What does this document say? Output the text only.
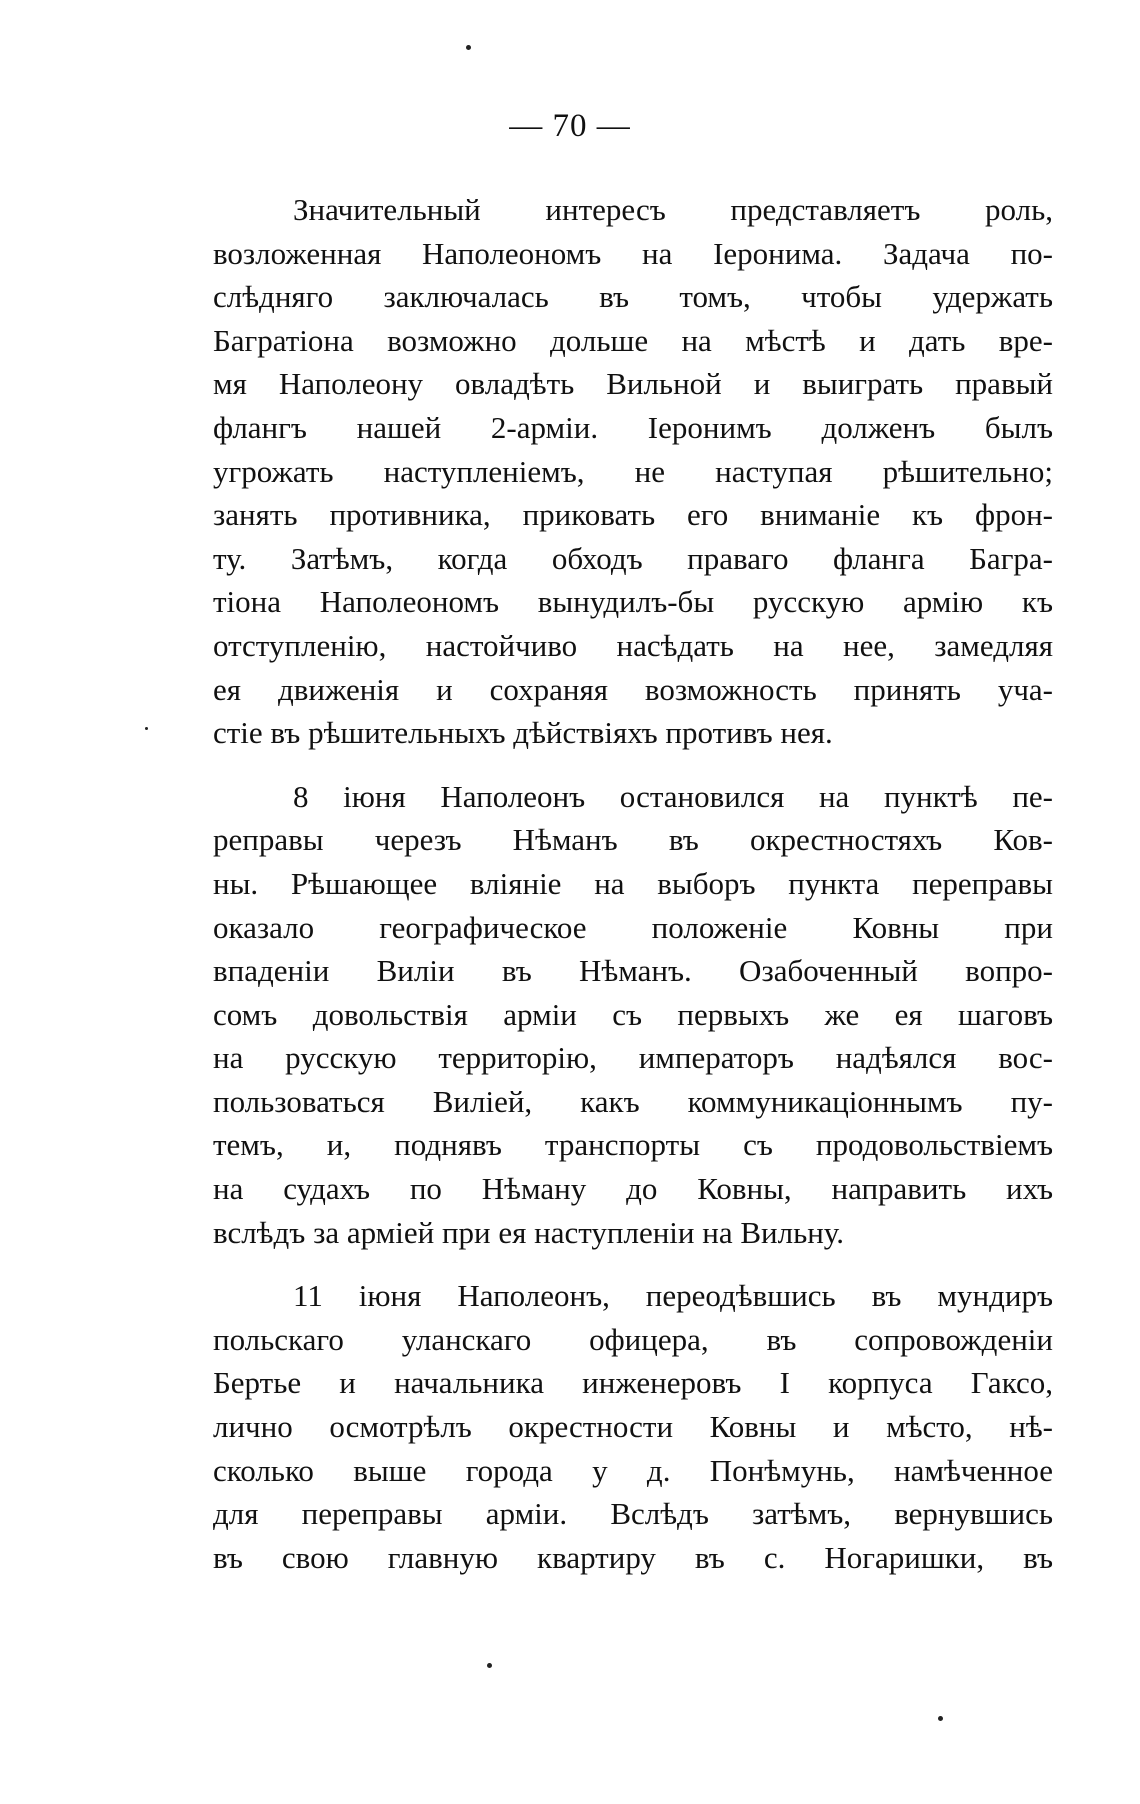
— 70 —

Значительный интересъ представляетъ роль,
возложенная Наполеономъ на Іеронима. Задача по-
слѣдняго заключалась въ томъ, чтобы удержать
Багратіона возможно дольше на мѣстѣ и дать вре-
мя Наполеону овладѣть Вильной и выиграть правый
флангъ нашей 2-арміи. Іеронимъ долженъ былъ
угрожать наступленіемъ, не наступая рѣшительно;
занять противника, приковать его вниманіе къ фрон-
ту. Затѣмъ, когда обходъ праваго фланга Багра-
тіона Наполеономъ вынудилъ-бы русскую армію къ
отступленію, настойчиво насѣдать на нее, замедляя
ея движенія и сохраняя возможность принять уча-
стіе въ рѣшительныхъ дѣйствіяхъ противъ нея.

8 іюня Наполеонъ остановился на пунктѣ пе-
реправы черезъ Нѣманъ въ окрестностяхъ Ков-
ны. Рѣшающее вліяніе на выборъ пункта переправы
оказало географическое положеніе Ковны при
впаденіи Виліи въ Нѣманъ. Озабоченный вопро-
сомъ довольствія арміи съ первыхъ же ея шаговъ
на русскую территорію, императоръ надѣялся вос-
пользоваться Виліей, какъ коммуникаціоннымъ пу-
темъ, и, поднявъ транспорты съ продовольствіемъ
на судахъ по Нѣману до Ковны, направить ихъ
вслѣдъ за арміей при ея наступленіи на Вильну.

11 іюня Наполеонъ, переодѣвшись въ мундиръ
польскаго уланскаго офицера, въ сопровожденіи
Бертье и начальника инженеровъ I корпуса Гаксо,
лично осмотрѣлъ окрестности Ковны и мѣсто, нѣ-
сколько выше города у д. Понѣмунь, намѣченное
для переправы арміи. Вслѣдъ затѣмъ, вернувшись
въ свою главную квартиру въ с. Ногаришки, въ
